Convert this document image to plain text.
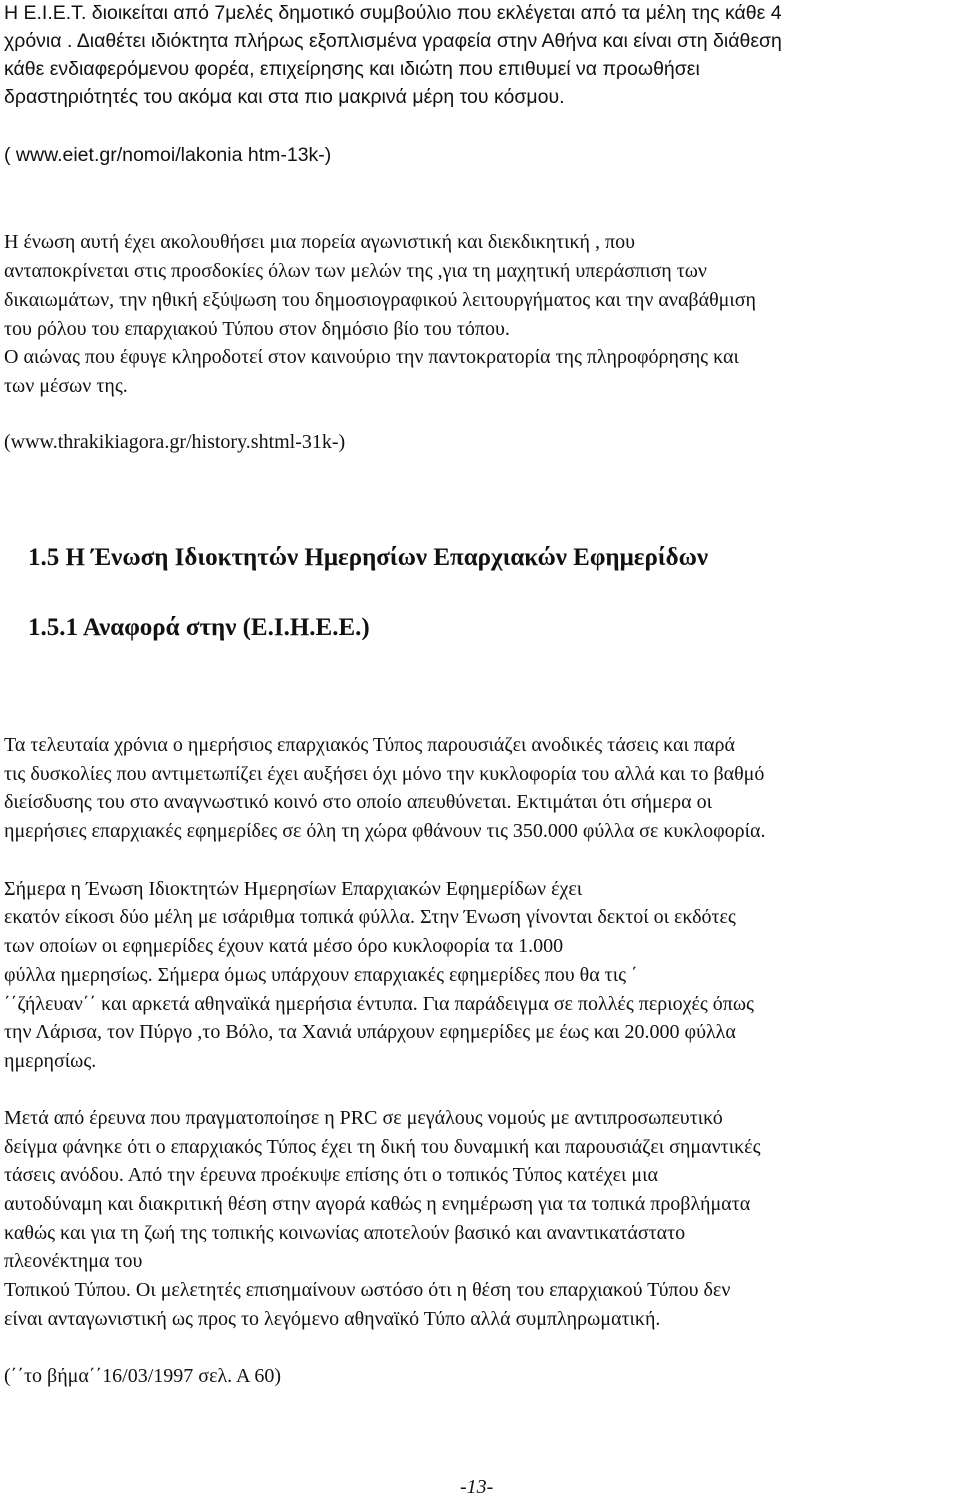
Η Ε.Ι.Ε.Τ. διοικείται από 7μελές δημοτικό συμβούλιο που εκλέγεται από τα μέλη της κάθε 4
χρόνια . Διαθέτει ιδιόκτητα πλήρως εξοπλισμένα γραφεία στην Αθήνα και είναι στη διάθεση
κάθε ενδιαφερόμενου φορέα, επιχείρησης και ιδιώτη που επιθυμεί να προωθήσει
δραστηριότητές του ακόμα και στα πιο μακρινά μέρη του κόσμου.
( www.eiet.gr/nomoi/lakonia htm-13k-)
Η ένωση αυτή έχει ακολουθήσει μια πορεία αγωνιστική και διεκδικητική , που
ανταποκρίνεται στις προσδοκίες όλων των μελών της ,για τη μαχητική υπεράσπιση των
δικαιωμάτων, την ηθική εξύψωση του δημοσιογραφικού λειτουργήματος και την αναβάθμιση
του ρόλου του επαρχιακού Τύπου στον δημόσιο βίο του τόπου.
Ο αιώνας που έφυγε κληροδοτεί στον καινούριο την παντοκρατορία της πληροφόρησης και
των μέσων της.
(www.thrakikiagora.gr/history.shtml-31k-)
1.5 Η Ένωση Ιδιοκτητών Ημερησίων Επαρχιακών Εφημερίδων
1.5.1 Αναφορά στην (Ε.Ι.Η.Ε.Ε.)
Τα τελευταία χρόνια ο ημερήσιος επαρχιακός Τύπος παρουσιάζει ανοδικές τάσεις και παρά
τις δυσκολίες που αντιμετωπίζει έχει αυξήσει όχι μόνο την κυκλοφορία του αλλά και το βαθμό
διείσδυσης του στο αναγνωστικό κοινό στο οποίο απευθύνεται. Εκτιμάται ότι σήμερα οι
ημερήσιες επαρχιακές εφημερίδες σε όλη τη χώρα φθάνουν τις 350.000 φύλλα σε κυκλοφορία.
Σήμερα η Ένωση Ιδιοκτητών Ημερησίων Επαρχιακών Εφημερίδων έχει
εκατόν είκοσι δύο μέλη με ισάριθμα τοπικά φύλλα. Στην Ένωση γίνονται δεκτοί οι εκδότες
των οποίων οι εφημερίδες έχουν κατά μέσο όρο κυκλοφορία τα 1.000
φύλλα ημερησίως. Σήμερα όμως υπάρχουν επαρχιακές εφημερίδες που θα τις ΄
΄΄ζήλευαν΄΄ και αρκετά αθηναϊκά ημερήσια έντυπα. Για παράδειγμα σε πολλές περιοχές όπως
την Λάρισα, τον Πύργο ,το Βόλο, τα Χανιά υπάρχουν εφημερίδες με έως και 20.000 φύλλα
ημερησίως.
Μετά από έρευνα που πραγματοποίησε η PRC σε μεγάλους νομούς με αντιπροσωπευτικό
δείγμα φάνηκε ότι ο επαρχιακός Τύπος έχει τη δική του δυναμική και παρουσιάζει σημαντικές
τάσεις ανόδου. Από την έρευνα προέκυψε επίσης ότι ο τοπικός Τύπος κατέχει μια
αυτοδύναμη και διακριτική θέση στην αγορά καθώς η ενημέρωση για τα τοπικά προβλήματα
καθώς και για τη ζωή της τοπικής κοινωνίας αποτελούν βασικό και αναντικατάστατο
πλεονέκτημα του
Τοπικού Τύπου. Οι μελετητές επισημαίνουν ωστόσο ότι η θέση του επαρχιακού Τύπου δεν
είναι ανταγωνιστική ως προς το λεγόμενο αθηναϊκό Τύπο αλλά συμπληρωματική.
(΄΄το βήμα΄΄16/03/1997 σελ. Α 60)
-13-
